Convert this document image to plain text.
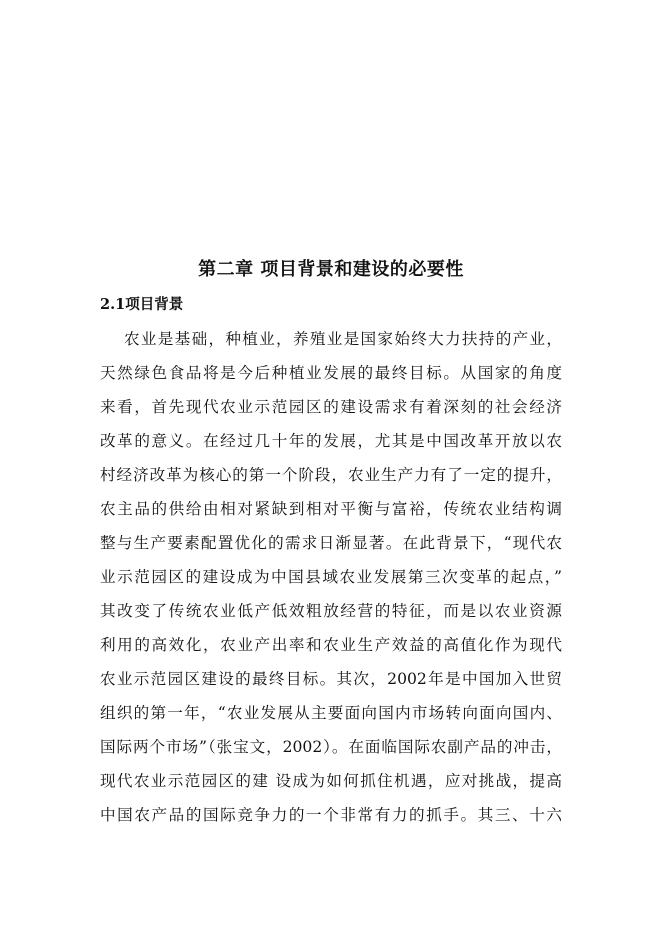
第二章 项目背景和建设的必要性
2.1项目背景

农业是基础，种植业，养殖业是国家始终大力扶持的产业，

天然绿色食品将是今后种植业发展的最终目标。从国家的角度

来看，首先现代农业示范园区的建设需求有着深刻的社会经济

改革的意义。在经过几十年的发展，尤其是中国改革开放以农

村经济改革为核心的第一个阶段，农业生产力有了一定的提升，

农主品的供给由相对紧缺到相对平衡与富裕，传统农业结构调

整与生产要素配置优化的需求日渐显著。在此背景下，“现代农

业示范园区的建设成为中国县域农业发展第三次变革的起点，”

其改变了传统农业低产低效粗放经营的特征，而是以农业资源

利用的高效化，农业产出率和农业生产效益的高值化作为现代

农业示范园区建设的最终目标。其次，2002年是中国加入世贸

组织的第一年，“农业发展从主要面向国内市场转向面向国内、

国际两个市场”（张宝文，2002）。在面临国际农副产品的冲击，

现代农业示范园区的建 设成为如何抓住机遇，应对挑战，提高

中国农产品的国际竞争力的一个非常有力的抓手。其三、十六
